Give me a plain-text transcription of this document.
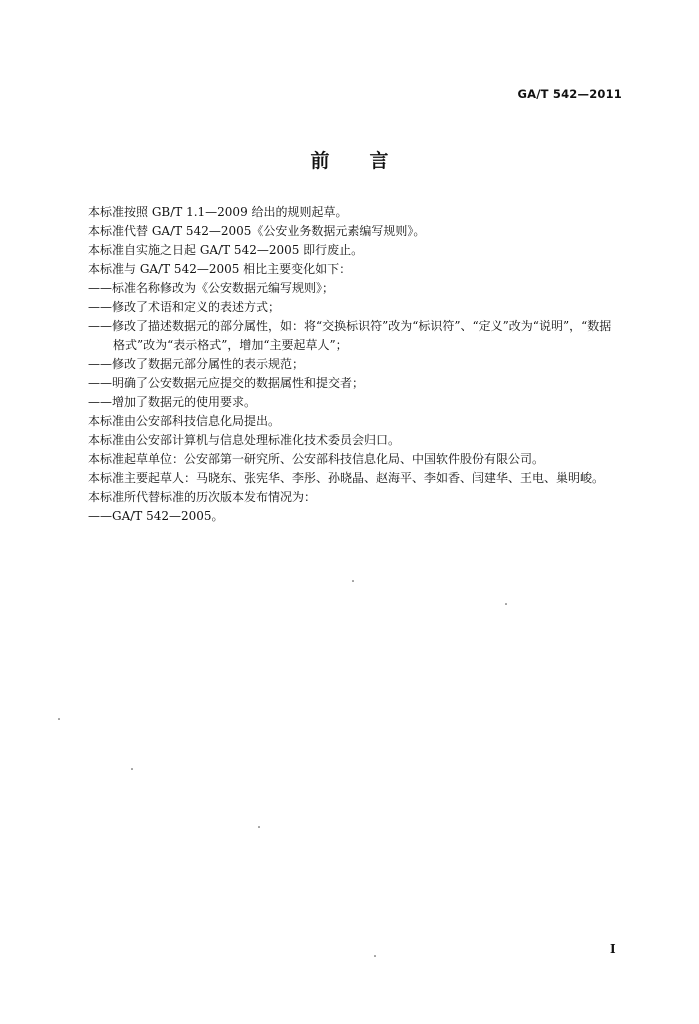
GA/T 542—2011
前言
本标准按照 GB/T 1.1—2009 给出的规则起草。
本标准代替 GA/T 542—2005《公安业务数据元素编写规则》。
本标准自实施之日起 GA/T 542—2005 即行废止。
本标准与 GA/T 542—2005 相比主要变化如下：
——标准名称修改为《公安数据元编写规则》；
——修改了术语和定义的表述方式；
——修改了描述数据元的部分属性，如：将“交换标识符”改为“标识符”、“定义”改为“说明”，“数据
格式”改为“表示格式”，增加“主要起草人”；
——修改了数据元部分属性的表示规范；
——明确了公安数据元应提交的数据属性和提交者；
——增加了数据元的使用要求。
本标准由公安部科技信息化局提出。
本标准由公安部计算机与信息处理标准化技术委员会归口。
本标准起草单位：公安部第一研究所、公安部科技信息化局、中国软件股份有限公司。
本标准主要起草人：马晓东、张宪华、李彤、孙晓晶、赵海平、李如香、闫建华、王电、巢明峻。
本标准所代替标准的历次版本发布情况为：
——GA/T 542—2005。
I
